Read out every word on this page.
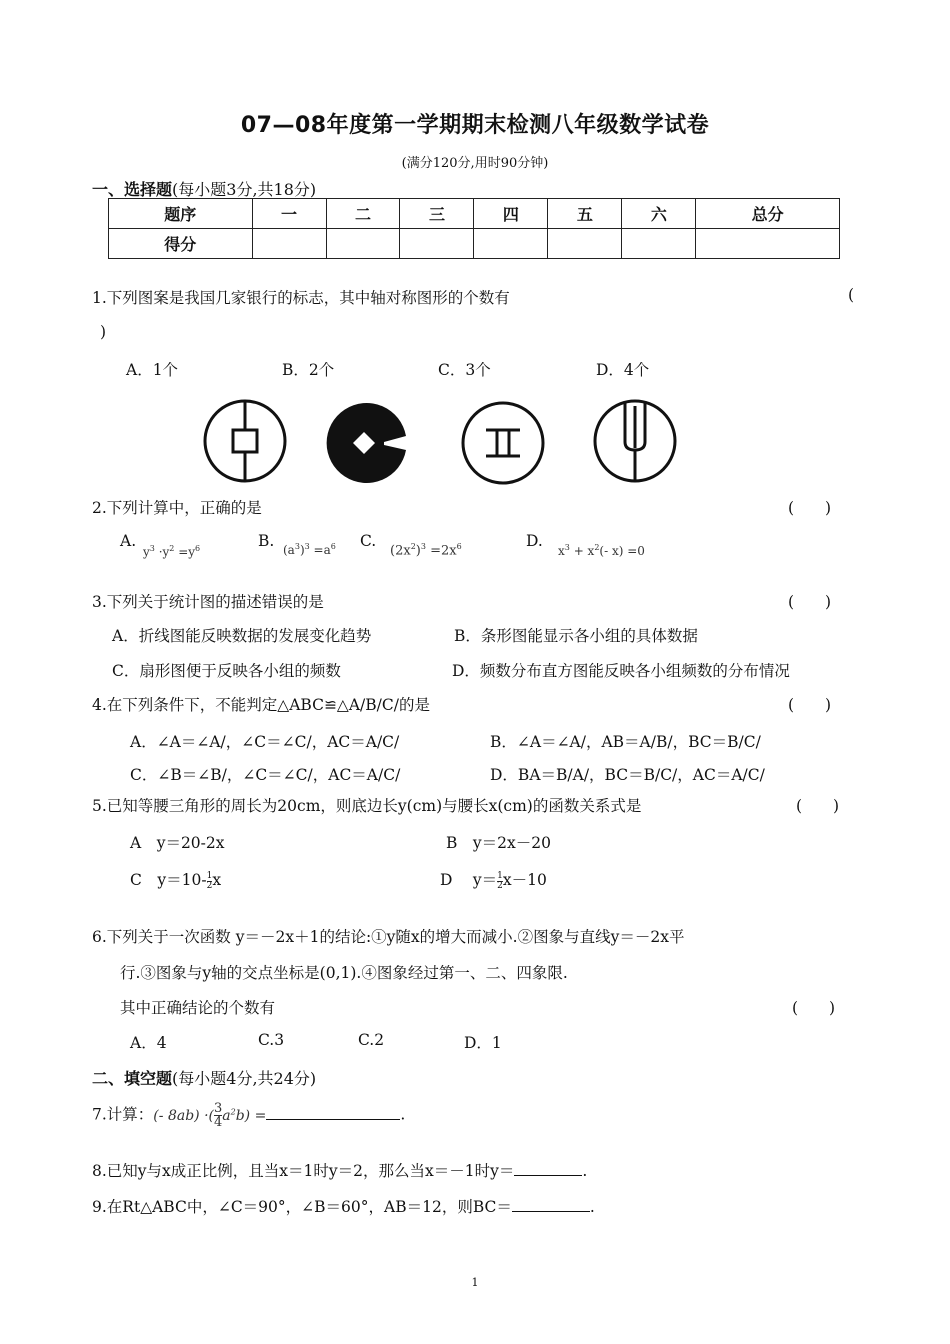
07—08年度第一学期期末检测八年级数学试卷
(满分120分,用时90分钟)
一、选择题(每小题3分,共18分)
题序	一	二	三	四	五	六	总分
得分							
1.下列图案是我国几家银行的标志，其中轴对称图形的个数有	(
)
A．1个	B．2个	C．3个	D．4个
2.下列计算中，正确的是	(　　)
A.
$y^3 \cdot y^2 =y^6$	B. $(a^3)^3 =a^6$ C.
$(2x^2)^3 =2x^6$	D.
$x^3 + x^2(-$ x) =0
3.下列关于统计图的描述错误的是	(　　)
A．折线图能反映数据的发展变化趋势	B．条形图能显示各小组的具体数据
C．扇形图便于反映各小组的频数	D．频数分布直方图能反映各小组频数的分布情况
4.在下列条件下，不能判定△ABC≌△A/B/C/的是	(　　)
A．∠A＝∠A/，∠C＝∠C/，AC＝A/C/	B．∠A＝∠A/，AB＝A/B/，BC＝B/C/
C．∠B＝∠B/，∠C＝∠C/，AC＝A/C/	D．BA＝B/A/，BC＝B/C/，AC＝A/C/
5.已知等腰三角形的周长为20cm，则底边长y(cm)与腰长x(cm)的函数关系式是	(　　)
A　y＝20-2x	B　y＝2x－20
C　$y=10- \frac{1}{2}$ x	D　 $y= \frac{1}{2} x-10$
6.下列关于一次函数 y＝－2x＋1的结论:①y随x的增大而减小.②图象与直线y＝－2x平
行.③图象与y轴的交点坐标是(0,1).④图象经过第一、二、四象限.
其中正确结论的个数有	(　　)
A．4	C.3	C.2	D．1
二、填空题(每小题4分,共24分)
7.计算：(- 8ab) ·( $\frac{3}{4} a^2b$) =	.
8.已知y与x成正比例，且当x＝1时y＝2，那么当x＝－1时y＝	.
9.在Rt△ABC中，∠C＝90°，∠B＝60°，AB＝12，则BC＝	.
1
